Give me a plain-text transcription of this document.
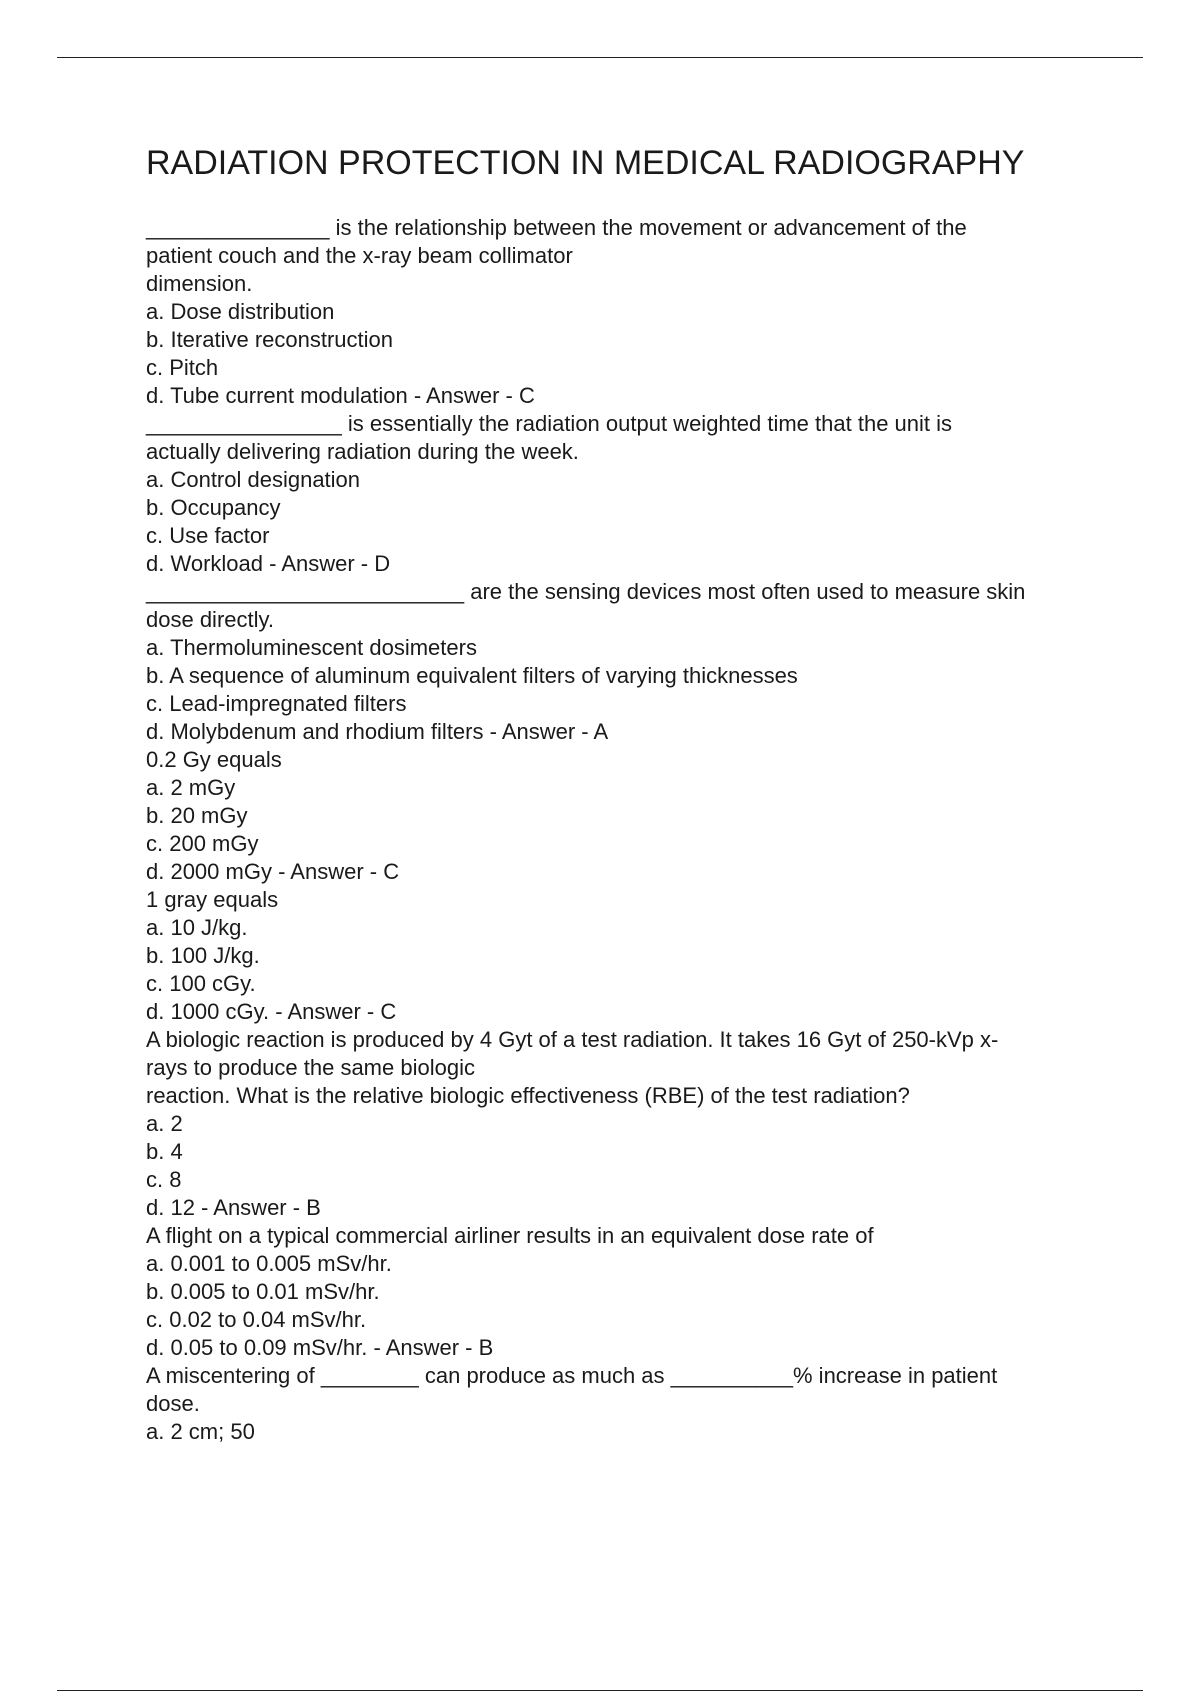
RADIATION PROTECTION IN MEDICAL RADIOGRAPHY
_______________ is the relationship between the movement or advancement of the
patient couch and the x-ray beam collimator
dimension.
a. Dose distribution
b. Iterative reconstruction
c. Pitch
d. Tube current modulation - Answer - C
________________ is essentially the radiation output weighted time that the unit is
actually delivering radiation during the week.
a. Control designation
b. Occupancy
c. Use factor
d. Workload - Answer - D
__________________________ are the sensing devices most often used to measure skin
dose directly.
a. Thermoluminescent dosimeters
b. A sequence of aluminum equivalent filters of varying thicknesses
c. Lead-impregnated filters
d. Molybdenum and rhodium filters - Answer - A
0.2 Gy equals
a. 2 mGy
b. 20 mGy
c. 200 mGy
d. 2000 mGy - Answer - C
1 gray equals
a. 10 J/kg.
b. 100 J/kg.
c. 100 cGy.
d. 1000 cGy. - Answer - C
A biologic reaction is produced by 4 Gyt of a test radiation. It takes 16 Gyt of 250-kVp x-
rays to produce the same biologic
reaction. What is the relative biologic effectiveness (RBE) of the test radiation?
a. 2
b. 4
c. 8
d. 12 - Answer - B
A flight on a typical commercial airliner results in an equivalent dose rate of
a. 0.001 to 0.005 mSv/hr.
b. 0.005 to 0.01 mSv/hr.
c. 0.02 to 0.04 mSv/hr.
d. 0.05 to 0.09 mSv/hr. - Answer - B
A miscentering of ________ can produce as much as __________% increase in patient
dose.
a. 2 cm; 50
